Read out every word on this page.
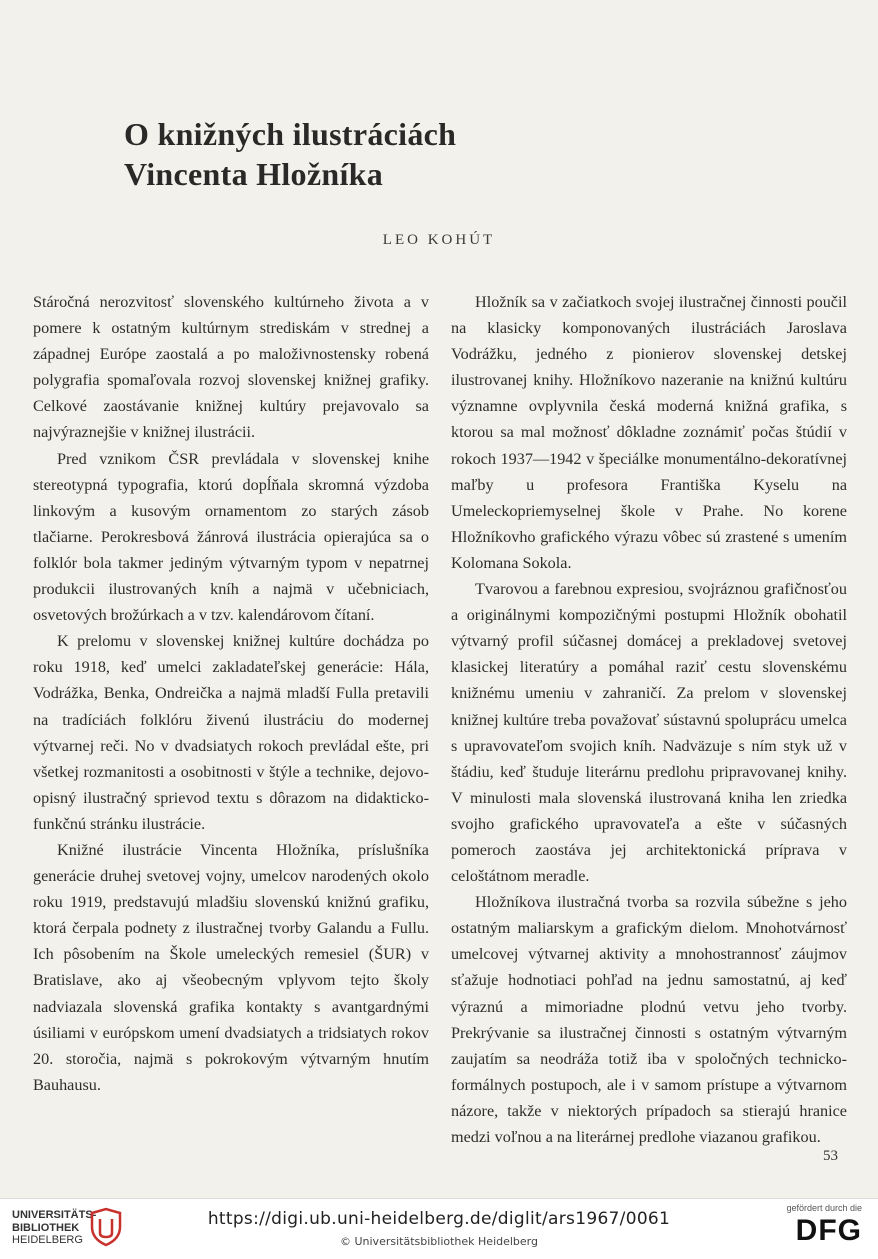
O knižných ilustráciách
Vincenta Hložníka
LEO KOHÚT

Stáročná nerozvitosť slovenského kultúrneho života a v pomere k ostatným kultúrnym strediskám v strednej a západnej Európe zaostalá a po maloživnostensky robená polygrafia spomaľovala rozvoj slovenskej knižnej grafiky. Celkové zaostávanie knižnej kultúry prejavovalo sa najvýraznejšie v knižnej ilustrácii.

Pred vznikom ČSR prevládala v slovenskej knihe stereotypná typografia, ktorú dopĺňala skromná výzdoba linkovým a kusovým ornamentom zo starých zásob tlačiarne. Perokresbová žánrová ilustrácia opierajúca sa o folklór bola takmer jediným výtvarným typom v nepatrnej produkcii ilustrovaných kníh a najmä v učebniciach, osvetových brožúrkach a v tzv. kalendárovom čítaní.

K prelomu v slovenskej knižnej kultúre dochádza po roku 1918, keď umelci zakladateľskej generácie: Hála, Vodrážka, Benka, Ondreička a najmä mladší Fulla pretavili na tradíciách folklóru živenú ilustráciu do modernej výtvarnej reči. No v dvadsiatych rokoch prevládal ešte, pri všetkej rozmanitosti a osobitnosti v štýle a technike, dejovo-opisný ilustračný sprievod textu s dôrazom na didakticko-funkčnú stránku ilustrácie.

Knižné ilustrácie Vincenta Hložníka, príslušníka generácie druhej svetovej vojny, umelcov narodených okolo roku 1919, predstavujú mladšiu slovenskú knižnú grafiku, ktorá čerpala podnety z ilustračnej tvorby Galandu a Fullu. Ich pôsobením na Škole umeleckých remesiel (ŠUR) v Bratislave, ako aj všeobecným vplyvom tejto školy nadviazala slovenská grafika kontakty s avantgardnými úsiliami v európskom umení dvadsiatych a tridsiatych rokov 20. storočia, najmä s pokrokovým výtvarným hnutím Bauhausu.

Hložník sa v začiatkoch svojej ilustračnej činnosti poučil na klasicky komponovaných ilustráciách Jaroslava Vodrážku, jedného z pionierov slovenskej detskej ilustrovanej knihy. Hložníkovo nazeranie na knižnú kultúru významne ovplyvnila česká moderná knižná grafika, s ktorou sa mal možnosť dôkladne zoznámiť počas štúdií v rokoch 1937—1942 v špeciálke monumentálno-dekoratívnej maľby u profesora Františka Kyselu na Umeleckopriemyselnej škole v Prahe. No korene Hložníkovho grafického výrazu vôbec sú zrastené s umením Kolomana Sokola.

Tvarovou a farebnou expresiou, svojráznou grafičnosťou a originálnymi kompozičnými postupmi Hložník obohatil výtvarný profil súčasnej domácej a prekladovej svetovej klasickej literatúry a pomáhal raziť cestu slovenskému knižnému umeniu v zahraničí. Za prelom v slovenskej knižnej kultúre treba považovať sústavnú spoluprácu umelca s upravovateľom svojich kníh. Nadväzuje s ním styk už v štádiu, keď študuje literárnu predlohu pripravovanej knihy. V minulosti mala slovenská ilustrovaná kniha len zriedka svojho grafického upravovateľa a ešte v súčasných pomeroch zaostáva jej architektonická príprava v celoštátnom meradle.

Hložníkova ilustračná tvorba sa rozvila súbežne s jeho ostatným maliarskym a grafickým dielom. Mnohotvárnosť umelcovej výtvarnej aktivity a mnohostrannosť záujmov sťažuje hodnotiaci pohľad na jednu samostatnú, aj keď výraznú a mimoriadne plodnú vetvu jeho tvorby. Prekrývanie sa ilustračnej činnosti s ostatným výtvarným zaujatím sa neodráža totiž iba v spoločných technicko-formálnych postupoch, ale i v samom prístupe a výtvarnom názore, takže v niektorých prípadoch sa stierajú hranice medzi voľnou a na literárnej predlohe viazanou grafikou.

53
UNIVERSITÄTS-
BIBLIOTHEK
HEIDELBERG
https://digi.ub.uni-heidelberg.de/diglit/ars1967/0061
© Universitätsbibliothek Heidelberg
gefördert durch die
DFG
